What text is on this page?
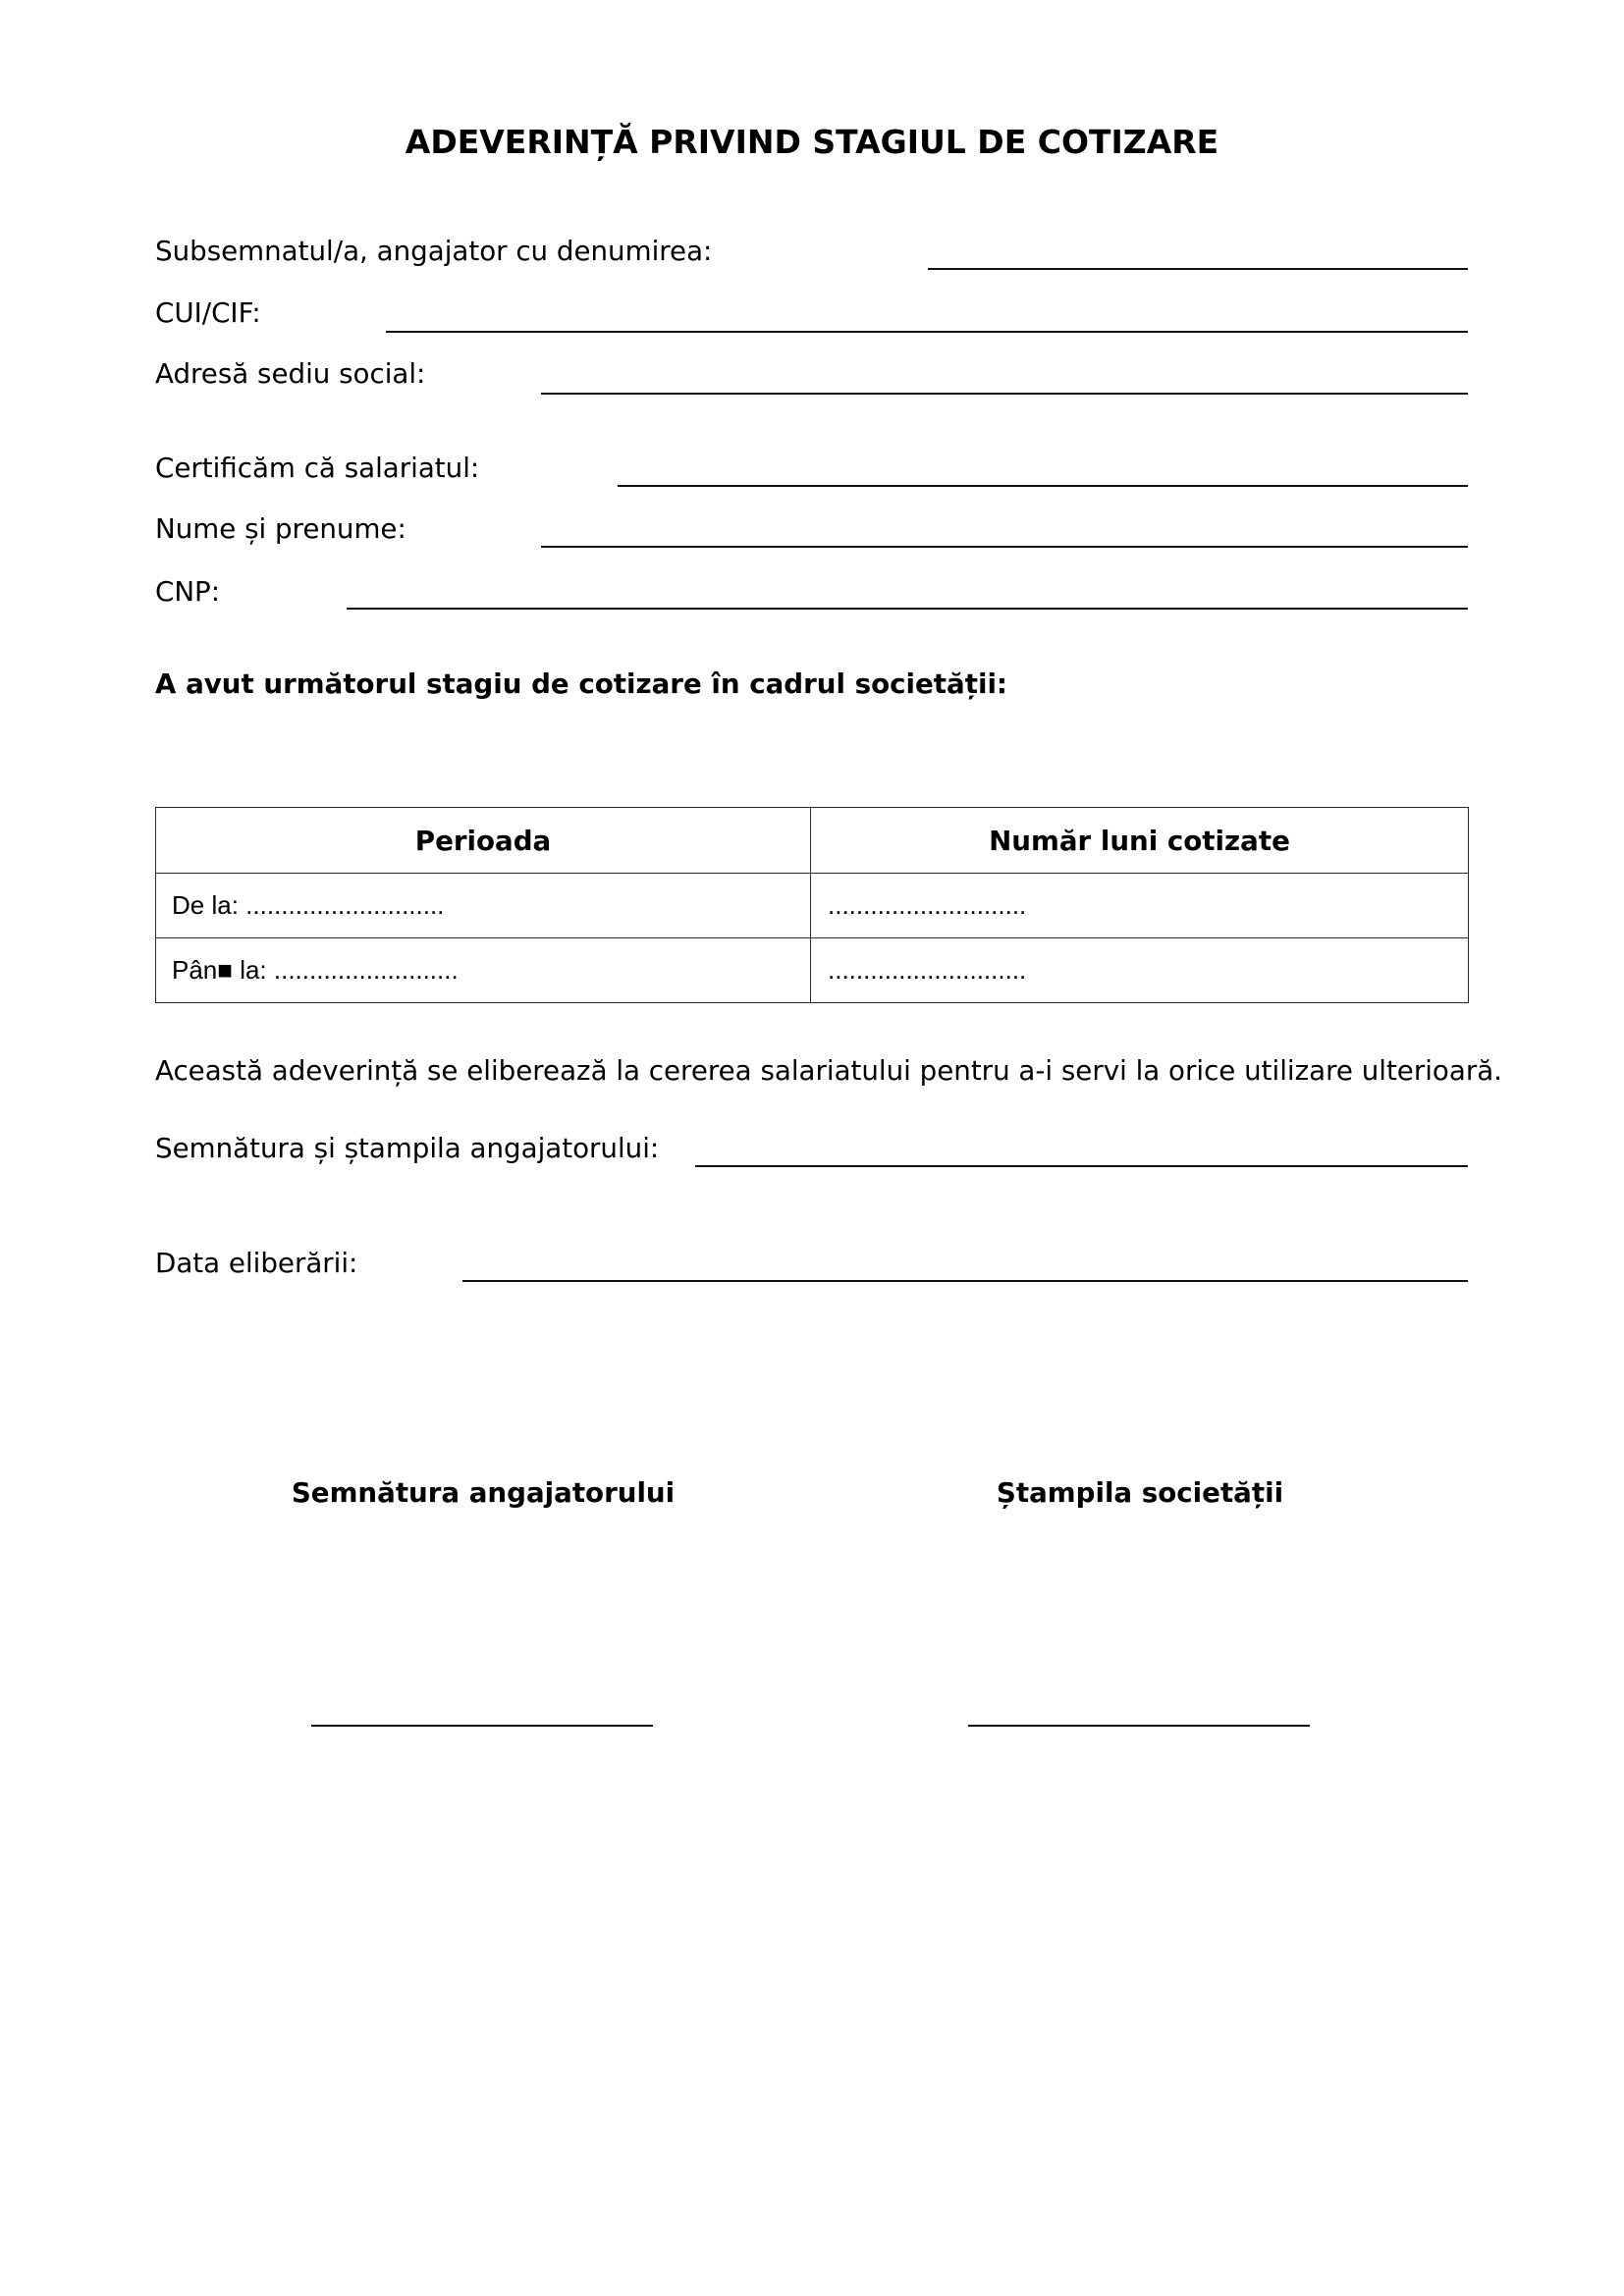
ADEVERINȚĂ PRIVIND STAGIUL DE COTIZARE
Subsemnatul/a, angajator cu denumirea:
CUI/CIF:
Adresă sediu social:
Certificăm că salariatul:
Nume și prenume:
CNP:
A avut următorul stagiu de cotizare în cadrul societății:
Perioada	Număr luni cotizate
De la: ............................	............................
Pân■ la: ..........................	............................
Această adeverință se eliberează la cererea salariatului pentru a-i servi la orice utilizare ulterioară.
Semnătura și ștampila angajatorului:
Data eliberării:
Semnătura angajatorului	Ștampila societății
